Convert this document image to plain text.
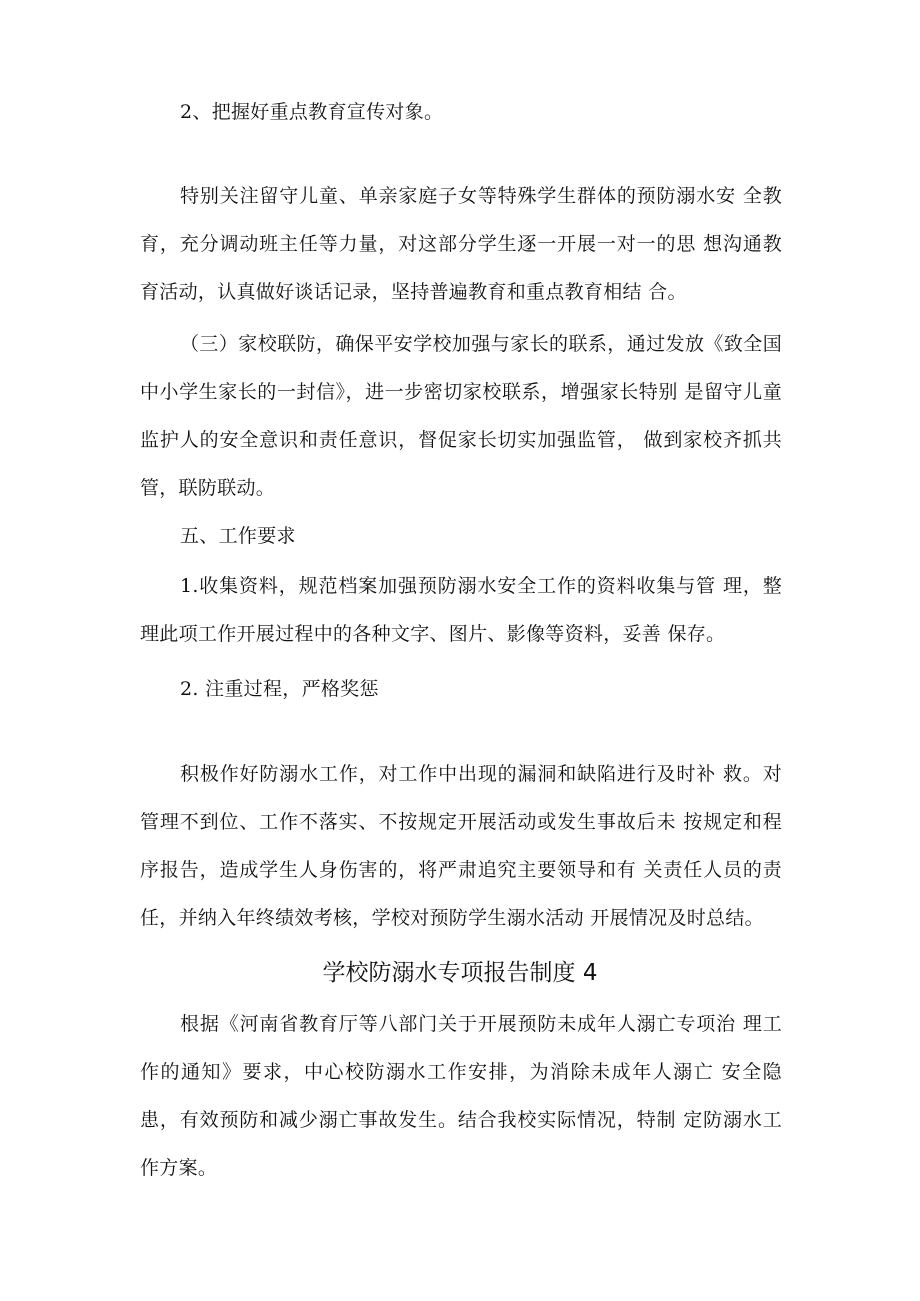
2、把握好重点教育宣传对象。

特别关注留守儿童、单亲家庭子女等特殊学生群体的预防溺水安 全教育，充分调动班主任等力量，对这部分学生逐一开展一对一的思 想沟通教育活动，认真做好谈话记录，坚持普遍教育和重点教育相结 合。

（三）家校联防，确保平安学校加强与家长的联系，通过发放《致全国中小学生家长的一封信》，进一步密切家校联系，增强家长特别 是留守儿童监护人的安全意识和责任意识，督促家长切实加强监管， 做到家校齐抓共管，联防联动。

五、工作要求

1.收集资料，规范档案加强预防溺水安全工作的资料收集与管 理，整理此项工作开展过程中的各种文字、图片、影像等资料，妥善 保存。

2. 注重过程，严格奖惩

积极作好防溺水工作，对工作中出现的漏洞和缺陷进行及时补 救。对管理不到位、工作不落实、不按规定开展活动或发生事故后未 按规定和程序报告，造成学生人身伤害的，将严肃追究主要领导和有 关责任人员的责任，并纳入年终绩效考核，学校对预防学生溺水活动 开展情况及时总结。

学校防溺水专项报告制度 4

根据《河南省教育厅等八部门关于开展预防未成年人溺亡专项治 理工作的通知》要求，中心校防溺水工作安排，为消除未成年人溺亡 安全隐患，有效预防和减少溺亡事故发生。结合我校实际情况，特制 定防溺水工作方案。
